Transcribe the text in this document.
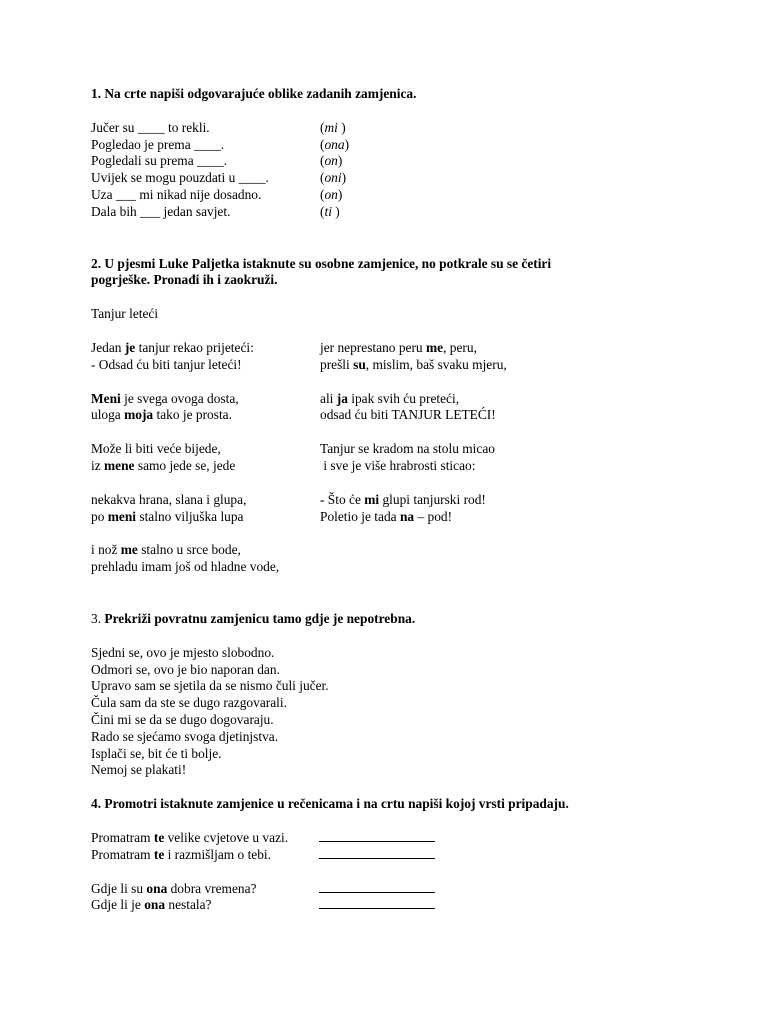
1. Na crte napiši odgovarajuće oblike zadanih zamjenica.

Jučer su ____ to rekli.	(mi )
Pogledao je prema ____.	(ona)
Pogledali su prema ____.	(on)
Uvijek se mogu pouzdati u ____.	(oni)
Uza ___ mi nikad nije dosadno.	(on)
Dala bih ___ jedan savjet.	(ti )

2. U pjesmi Luke Paljetka istaknute su osobne zamjenice, no potkrale su se četiri
pogrješke. Pronađi ih i zaokruži.

Tanjur leteći
Jedan je tanjur rekao prijeteći:	jer neprestano peru me, peru,
- Odsad ću biti tanjur leteći!	prešli su, mislim, baš svaku mjeru,
Meni je svega ovoga dosta,	ali ja ipak svih ću preteći,
uloga moja tako je prosta.	odsad ću biti TANJUR LETEĆI!
Može li biti veće bijede,	Tanjur se kradom na stolu micao
iz mene samo jede se, jede	i sve je više hrabrosti sticao:
nekakva hrana, slana i glupa,	- Što će mi glupi tanjurski rod!
po meni stalno viljuška lupa	Poletio je tada na – pod!
i nož me stalno u srce bode,
prehladu imam još od hladne vode,

3. Prekriži povratnu zamjenicu tamo gdje je nepotrebna.

Sjedni se, ovo je mjesto slobodno.
Odmori se, ovo je bio naporan dan.
Upravo sam se sjetila da se nismo čuli jučer.
Čula sam da ste se dugo razgovarali.
Čini mi se da se dugo dogovaraju.
Rado se sjećamo svoga djetinjstva.
Isplači se, bit će ti bolje.
Nemoj se plakati!

4. Promotri istaknute zamjenice u rečenicama i na crtu napiši kojoj vrsti pripadaju.

Promatram te velike cvjetove u vazi.
Promatram te i razmišljam o tebi.
Gdje li su ona dobra vremena?
Gdje li je ona nestala?
